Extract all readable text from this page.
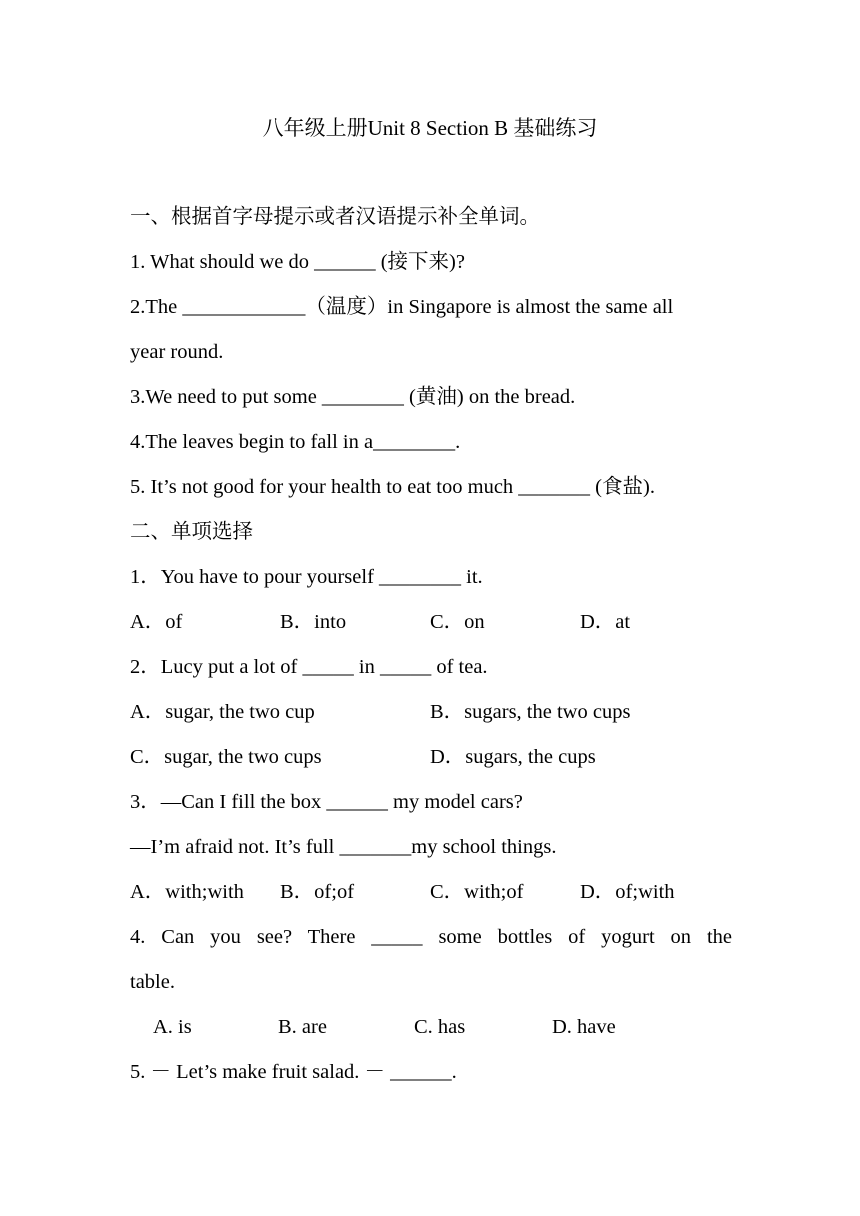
八年级上册Unit 8 Section B 基础练习
一、根据首字母提示或者汉语提示补全单词。
1. What should we do ______ (接下来)?
2.The ____________（温度）in Singapore is almost the same all
year round.
3.We need to put some ________ (黄油) on the bread.
4.The leaves begin to fall in a________.
5. It’s not good for your health to eat too much _______ (食盐).
二、单项选择
1．You have to pour yourself ________ it.
A．of	B．into	C．on	D．at
2．Lucy put a lot of _____ in _____ of tea.
A．sugar, the two cup	B．sugars, the two cups
C．sugar, the two cups	D．sugars, the cups
3．—Can I fill the box ______ my model cars?
—I’m afraid not. It’s full _______my school things.
A．with;with B．of;of	C．with;of	D．of;with
4. Can you see? There _____ some bottles of yogurt on the
table.
A. is	B. are	C. has	D. have
5. － Let’s make fruit salad. － ______.
